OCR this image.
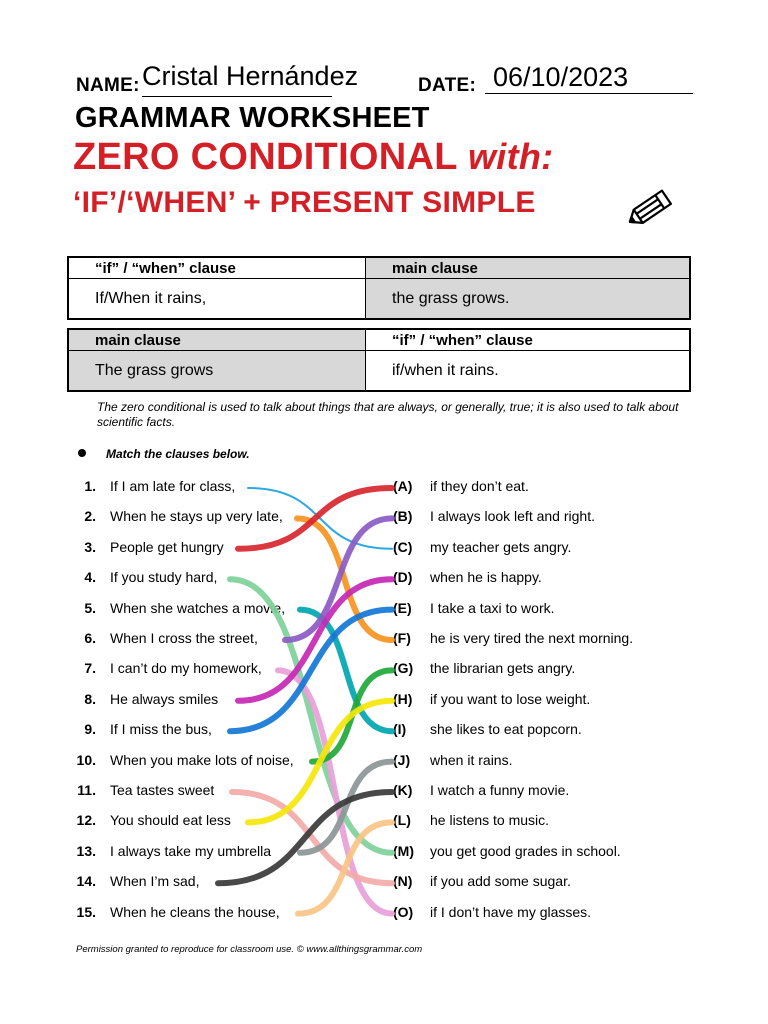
NAME: Cristal Hernández	DATE: 06/10/2023
GRAMMAR WORKSHEET
ZERO CONDITIONAL with:
‘IF’/‘WHEN’ + PRESENT SIMPLE
“if” / “when” clause	main clause
If/When it rains,	the grass grows.
main clause	“if” / “when” clause
The grass grows	if/when it rains.
The zero conditional is used to talk about things that are always, or generally, true; it is also used to talk about scientific facts.
Match the clauses below.
1. If I am late for class,
2. When he stays up very late,
3. People get hungry
4. If you study hard,
5. When she watches a movie,
6. When I cross the street,
7. I can’t do my homework,
8. He always smiles
9. If I miss the bus,
10. When you make lots of noise,
11. Tea tastes sweet
12. You should eat less
13. I always take my umbrella
14. When I’m sad,
15. When he cleans the house,
(A) if they don’t eat.
(B) I always look left and right.
(C) my teacher gets angry.
(D) when he is happy.
(E) I take a taxi to work.
(F) he is very tired the next morning.
(G) the librarian gets angry.
(H) if you want to lose weight.
(I) she likes to eat popcorn.
(J) when it rains.
(K) I watch a funny movie.
(L) he listens to music.
(M) you get good grades in school.
(N) if you add some sugar.
(O) if I don’t have my glasses.
Permission granted to reproduce for classroom use. © www.allthingsgrammar.com
